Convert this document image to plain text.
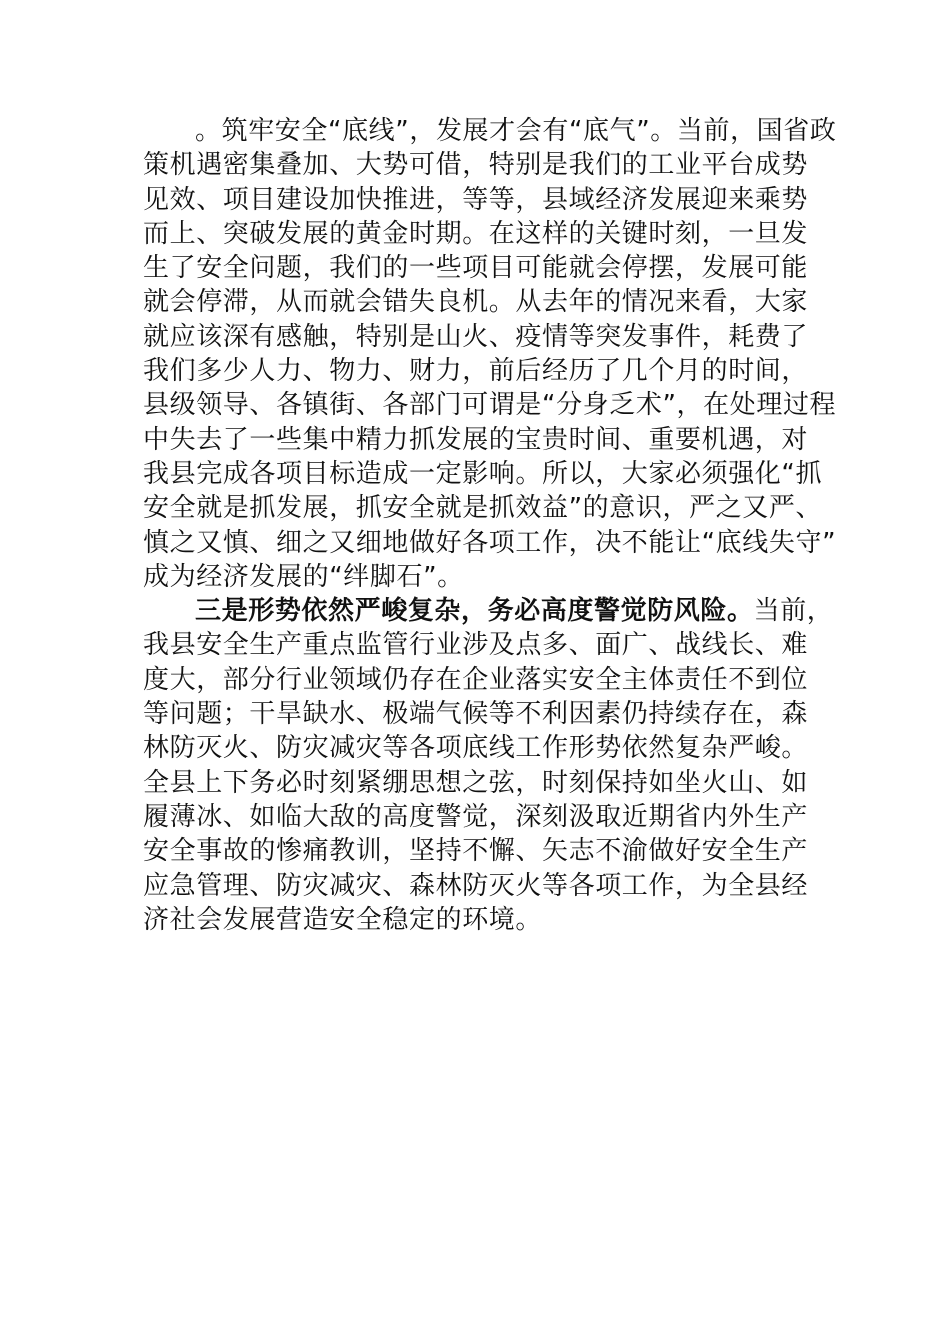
。筑牢安全“底线”，发展才会有“底气”。当前，国省政
策机遇密集叠加、大势可借，特别是我们的工业平台成势
见效、项目建设加快推进，等等，县域经济发展迎来乘势
而上、突破发展的黄金时期。在这样的关键时刻，一旦发
生了安全问题，我们的一些项目可能就会停摆，发展可能
就会停滞，从而就会错失良机。从去年的情况来看，大家
就应该深有感触，特别是山火、疫情等突发事件，耗费了
我们多少人力、物力、财力，前后经历了几个月的时间，
县级领导、各镇街、各部门可谓是“分身乏术”，在处理过程
中失去了一些集中精力抓发展的宝贵时间、重要机遇，对
我县完成各项目标造成一定影响。所以，大家必须强化“抓
安全就是抓发展，抓安全就是抓效益”的意识，严之又严、
慎之又慎、细之又细地做好各项工作，决不能让“底线失守”
成为经济发展的“绊脚石”。
三是形势依然严峻复杂，务必高度警觉防风险。当前，
我县安全生产重点监管行业涉及点多、面广、战线长、难
度大，部分行业领域仍存在企业落实安全主体责任不到位
等问题；干旱缺水、极端气候等不利因素仍持续存在，森
林防灭火、防灾减灾等各项底线工作形势依然复杂严峻。
全县上下务必时刻紧绷思想之弦，时刻保持如坐火山、如
履薄冰、如临大敌的高度警觉，深刻汲取近期省内外生产
安全事故的惨痛教训，坚持不懈、矢志不渝做好安全生产
应急管理、防灾减灾、森林防灭火等各项工作，为全县经
济社会发展营造安全稳定的环境。
